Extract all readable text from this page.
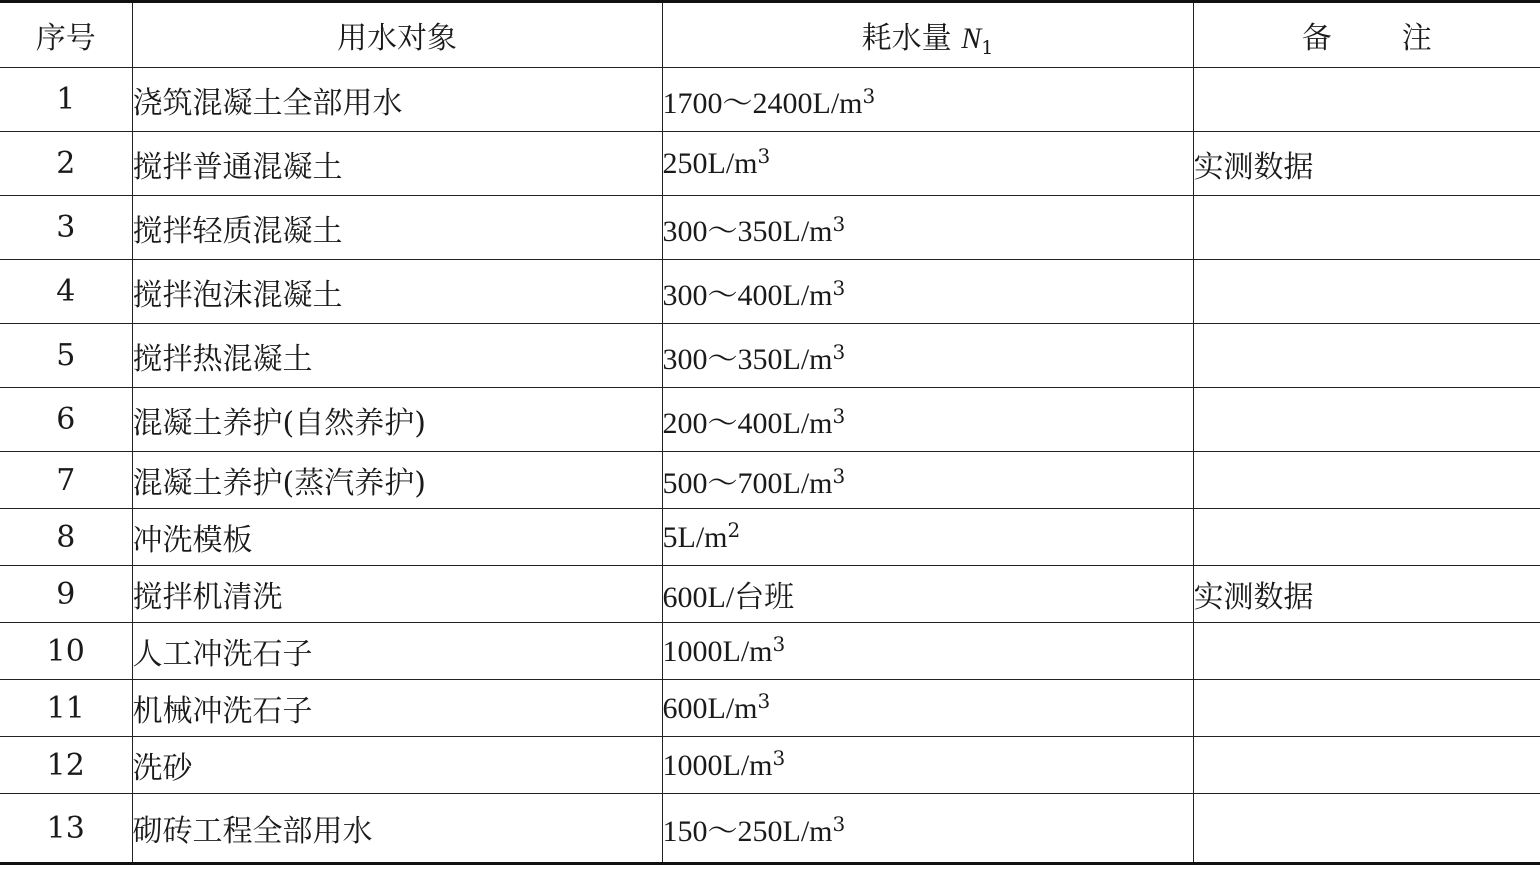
序号	用水对象	耗水量 $N_1$	备 注
1	浇筑混凝土全部用水	$1700\sim 2400L/m^3$	
2	搅拌普通混凝土	$250L/m^3$	实测数据
3	搅拌轻质混凝土	$300\sim 350L/m^3$	
4	搅拌泡沫混凝土	$300\sim 400L/m^3$	
5	搅拌热混凝土	$300\sim 350L/m^3$	
6	混凝土养护(自然养护)	$200\sim 400L/m^3$	
7	混凝土养护(蒸汽养护)	$500\sim 700L/m^3$	
8	冲洗模板	$5L/m^2$	
9	搅拌机清洗	600L/台班	实测数据
10	人工冲洗石子	$1000L/m^3$	
11	机械冲洗石子	$600L/m^3$	
12	洗砂	$1000L/m^3$	
13	砌砖工程全部用水	$150\sim 250L/m^3$	
